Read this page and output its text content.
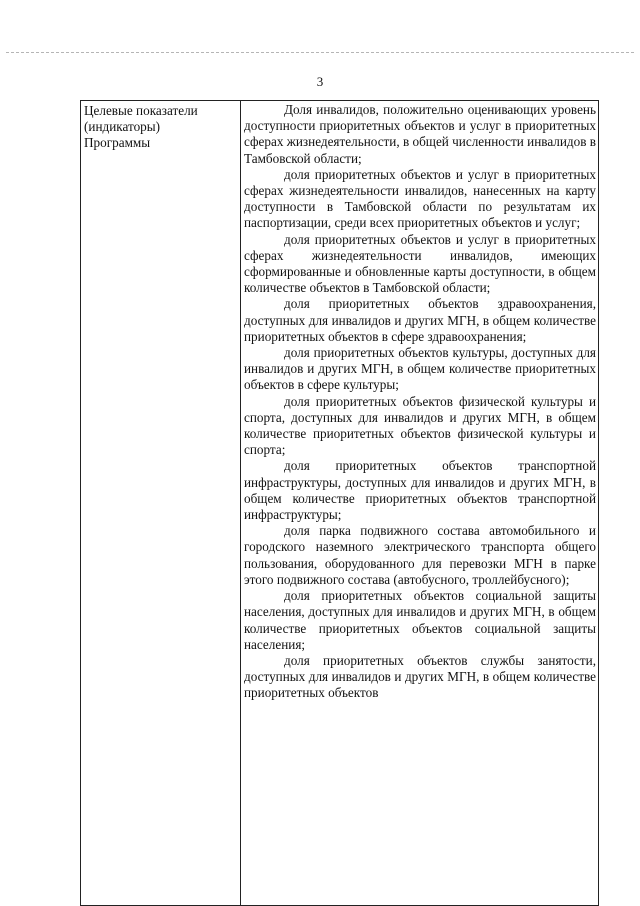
3
Целевые показатели
(индикаторы)
Программы

Доля инвалидов, положительно оценивающих уровень доступности приоритетных объектов и услуг в приоритетных сферах жизнедеятельности, в общей численности инвалидов в Тамбовской области;

доля приоритетных объектов и услуг в приоритетных сферах жизнедеятельности инвалидов, нанесенных на карту доступности в Тамбовской области по результатам их паспортизации, среди всех приоритетных объектов и услуг;

доля приоритетных объектов и услуг в приоритетных сферах жизнедеятельности инвалидов, имеющих сформированные и обновленные карты доступности, в общем количестве объектов в Тамбовской области;

доля приоритетных объектов здравоохранения, доступных для инвалидов и других МГН, в общем количестве приоритетных объектов в сфере здравоохранения;

доля приоритетных объектов культуры, доступных для инвалидов и других МГН, в общем количестве приоритетных объектов в сфере культуры;

доля приоритетных объектов физической культуры и спорта, доступных для инвалидов и других МГН, в общем количестве приоритетных объектов физической культуры и спорта;

доля приоритетных объектов транспортной инфраструктуры, доступных для инвалидов и других МГН, в общем количестве приоритетных объектов транспортной инфраструктуры;

доля парка подвижного состава автомобильного и городского наземного электрического транспорта общего пользования, оборудованного для перевозки МГН в парке этого подвижного состава (автобусного, троллейбусного);

доля приоритетных объектов социальной защиты населения, доступных для инвалидов и других МГН, в общем количестве приоритетных объектов социальной защиты населения;

доля приоритетных объектов службы занятости, доступных для инвалидов и других МГН, в общем количестве приоритетных объектов
